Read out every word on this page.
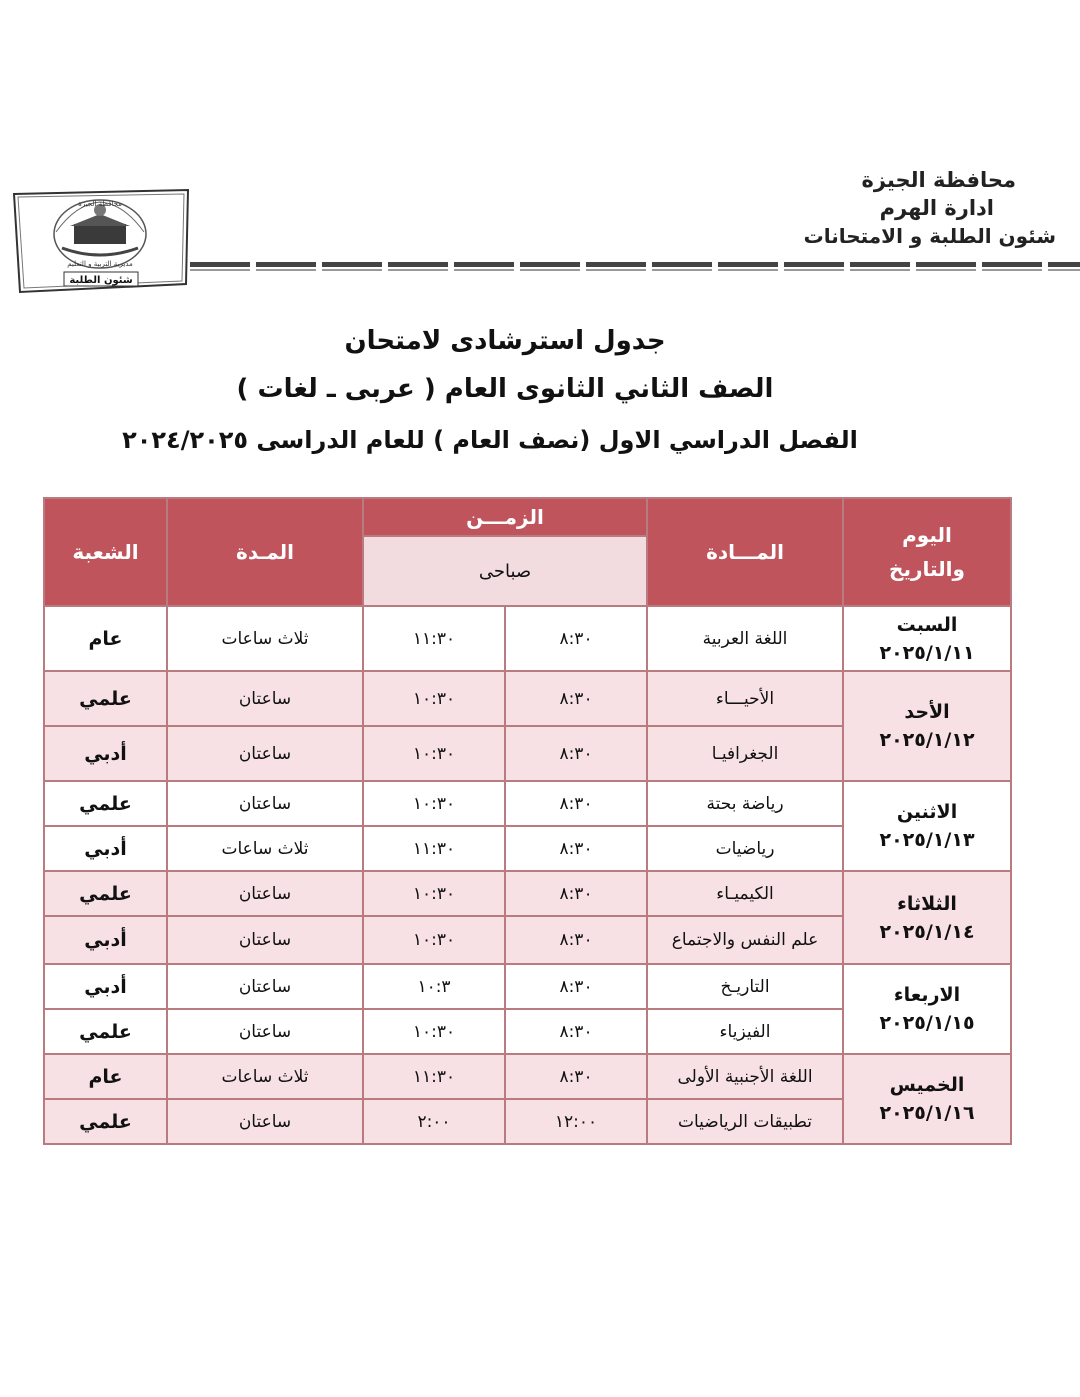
محافظة الجيزة
ادارة الهرم
شئون الطلبة و الامتحانات
محافظة الجيزة
مديرية التربية و التعليم
شئون الطلبة
جدول استرشادى لامتحان
الصف الثاني الثانوى العام ( عربى ـ لغات )
الفصل الدراسي الاول (نصف العام ) للعام الدراسى ٢٠٢٤/٢٠٢٥
اليوم والتاريخ	المـــادة	الزمـــن		المـدة	الشعبة
		صباحى			

السبت
٢٠٢٥/١/١١	اللغة العربية	٨:٣٠	١١:٣٠	ثلاث ساعات	عام

الأحد
٢٠٢٥/١/١٢	الأحيـــاء	٨:٣٠	١٠:٣٠	ساعتان	علمي
	الجغرافيـا	٨:٣٠	١٠:٣٠	ساعتان	أدبي

الاثنين
٢٠٢٥/١/١٣	رياضة بحتة	٨:٣٠	١٠:٣٠	ساعتان	علمي
	رياضيات	٨:٣٠	١١:٣٠	ثلاث ساعات	أدبي

الثلاثاء
٢٠٢٥/١/١٤	الكيميـاء	٨:٣٠	١٠:٣٠	ساعتان	علمي
	علم النفس والاجتماع	٨:٣٠	١٠:٣٠	ساعتان	أدبي

الاربعاء
٢٠٢٥/١/١٥	التاريـخ	٨:٣٠	١٠:٣	ساعتان	أدبي
	الفيزياء	٨:٣٠	١٠:٣٠	ساعتان	علمي

الخميس
٢٠٢٥/١/١٦	اللغة الأجنبية الأولى	٨:٣٠	١١:٣٠	ثلاث ساعات	عام
	تطبيقات الرياضيات	١٢:٠٠	٢:٠٠	ساعتان	علمي
